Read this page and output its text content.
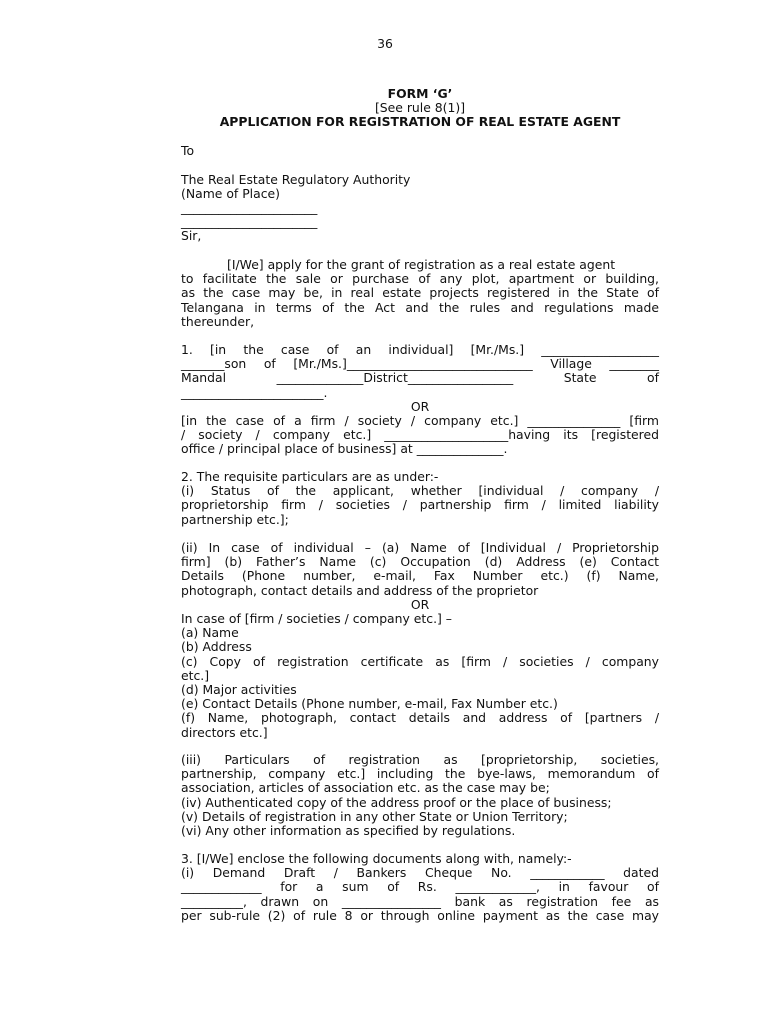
36
FORM ‘G’
[See rule 8(1)]
APPLICATION FOR REGISTRATION OF REAL ESTATE AGENT
To
The Real Estate Regulatory Authority
(Name of Place)
______________________
______________________
Sir,
[I/We] apply for the grant of registration as a real estate agent
to facilitate the sale or purchase of any plot, apartment or building,
as the case may be, in real estate projects registered in the State of
Telangana in terms of the Act and the rules and regulations made
thereunder,
1. [in the case of an individual] [Mr./Ms.] ___________________
_______son of [Mr./Ms.]______________________________ Village ________
Mandal ______________District_________________ State of
_______________________.
OR
[in the case of a firm / society / company etc.] _______________ [firm
/ society / company etc.] ____________________having its [registered
office / principal place of business] at ______________.
2. The requisite particulars are as under:-
(i) Status of the applicant, whether [individual / company /
proprietorship firm / societies / partnership firm / limited liability
partnership etc.];
(ii) In case of individual – (a) Name of [Individual / Proprietorship
firm] (b) Father’s Name (c) Occupation (d) Address (e) Contact
Details (Phone number, e-mail, Fax Number etc.) (f) Name,
photograph, contact details and address of the proprietor
OR
In case of [firm / societies / company etc.] –
(a) Name
(b) Address
(c) Copy of registration certificate as [firm / societies / company
etc.]
(d) Major activities
(e) Contact Details (Phone number, e-mail, Fax Number etc.)
(f) Name, photograph, contact details and address of [partners /
directors etc.]
(iii) Particulars of registration as [proprietorship, societies,
partnership, company etc.] including the bye-laws, memorandum of
association, articles of association etc. as the case may be;
(iv) Authenticated copy of the address proof or the place of business;
(v) Details of registration in any other State or Union Territory;
(vi) Any other information as specified by regulations.
3. [I/We] enclose the following documents along with, namely:-
(i) Demand Draft / Bankers Cheque No. ____________ dated
_____________ for a sum of Rs. _____________, in favour of
__________, drawn on ________________ bank as registration fee as
per sub-rule (2) of rule 8 or through online payment as the case may
